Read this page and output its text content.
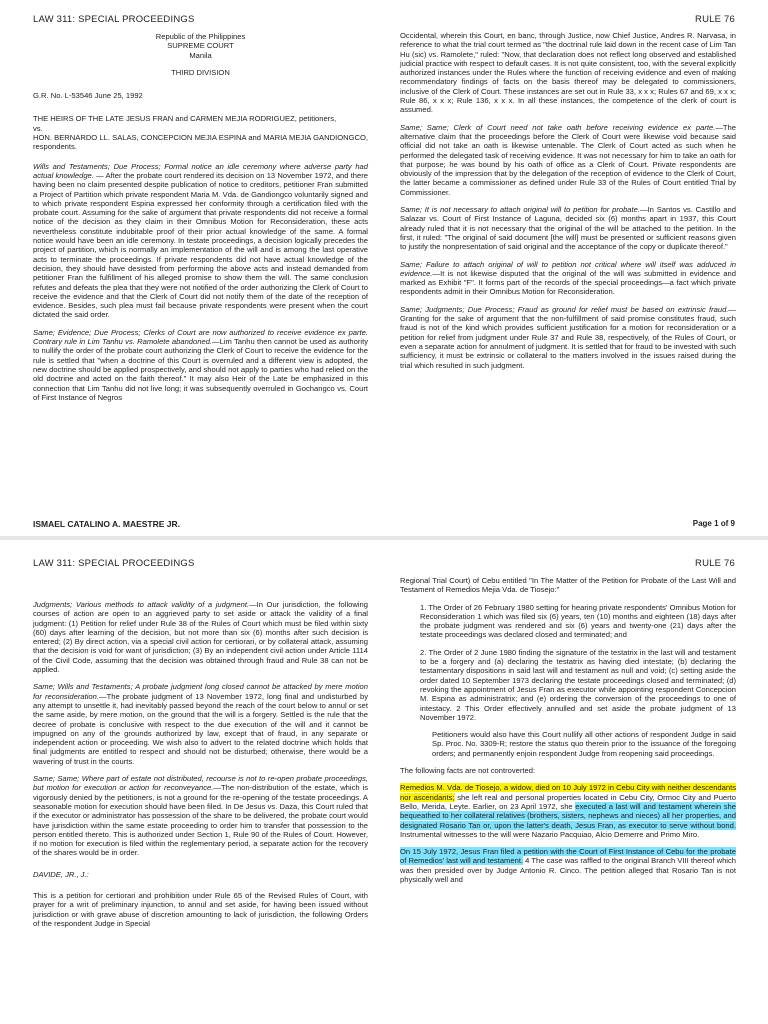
LAW 311: SPECIAL PROCEEDINGS	RULE 76
Republic of the Philippines
SUPREME COURT
Manila
THIRD DIVISION

G.R. No. L-53546 June 25, 1992

THE HEIRS OF THE LATE JESUS FRAN and CARMEN MEJIA RODRIGUEZ, petitioners,

vs.

HON. BERNARDO LL. SALAS, CONCEPCION MEJIA ESPINA and MARIA MEJIA GANDIONGCO, respondents.

Wills and Testaments; Due Process; Formal notice an idle ceremony where adverse party had actual knowledge. — After the probate court rendered its decision on 13 November 1972, and there having been no claim presented despite publication of notice to creditors, petitioner Fran submitted a Project of Partition which private respondent Maria M. Vda. de Gandiongco voluntarily signed and to which private respondent Espina expressed her conformity through a certification filed with the probate court. Assuming for the sake of argument that private respondents did not receive a formal notice of the decision as they claim in their Omnibus Motion for Reconsideration, these acts nevertheless constitute indubitable proof of their prior actual knowledge of the same. A formal notice would have been an idle ceremony. In testate proceedings, a decision logically precedes the project of partition, which is normally an implementation of the will and is among the last operative acts to terminate the proceedings. If private respondents did not have actual knowledge of the decision, they should have desisted from performing the above acts and instead demanded from petitioner Fran the fulfillment of his alleged promise to show them the will. The same conclusion refutes and defeats the plea that they were not notified of the order authorizing the Clerk of Court to receive the evidence and that the Clerk of Court did not notify them of the date of the reception of evidence. Besides, such plea must fail because private respondents were present when the court dictated the said order.

Same; Evidence; Due Process; Clerks of Court are now authorized to receive evidence ex parte. Contrary rule in Lim Tanhu vs. Ramolete abandoned.—Lim Tanhu then cannot be used as authority to nullify the order of the probate court authorizing the Clerk of Court to receive the evidence for the rule is settled that "when a doctrine of this Court is overruled and a different view is adopted, the new doctrine should be applied prospectively, and should not apply to parties who had relied on the old doctrine and acted on the faith thereof." It may also Heir of the Late be emphasized in this connection that Lim Tanhu did not live long; it was subsequently overruled in Gochangco vs. Court of First Instance of Negros

Occidental, wherein this Court, en banc, through Justice, now Chief Justice, Andres R. Narvasa, in reference to what the trial court termed as "the doctrinal rule laid down in the recent case of Lim Tan Hu (sic) vs. Ramolete," ruled: "Now, that declaration does not reflect long observed and established judicial practice with respect to default cases. It is not quite consistent, too, with the several explicitly authorized instances under the Rules where the function of receiving evidence and even of making recommendatory findings of facts on the basis thereof may be delegated to commissioners, inclusive of the Clerk of Court. These instances are set out in Rule 33, x x x; Rules 67 and 69, x x x; Rule 86, x x x; Rule 136, x x x. In all these instances, the competence of the clerk of court is assumed.

Same; Same; Clerk of Court need not take oath before receiving evidence ex parte.—The alternative claim that the proceedings before the Clerk of Court were likewise void because said official did not take an oath is likewise untenable. The Clerk of Court acted as such when he performed the delegated task of receiving evidence. It was not necessary for him to take an oath for that purpose; he was bound by his oath of office as a Clerk of Court. Private respondents are obviously of the impression that by the delegation of the reception of evidence to the Clerk of Court, the latter became a commissioner as defined under Rule 33 of the Rules of Court entitled Trial by Commissioner.

Same; It is not necessary to attach original will to petition for probate.—In Santos vs. Castillo and Salazar vs. Court of First Instance of Laguna, decided six (6) months apart in 1937, this Court already ruled that it is not necessary that the original of the will be attached to the petition. In the first, it ruled: "The original of said document [the will] must be presented or sufficient reasons given to justify the nonpresentation of said original and the acceptance of the copy or duplicate thereof."

Same; Failure to attach original of will to petition not critical where will itself was adduced in evidence.—It is not likewise disputed that the original of the will was submitted in evidence and marked as Exhibit "F". It forms part of the records of the special proceedings—a fact which private respondents admit in their Omnibus Motion for Reconsideration.

Same; Judgments; Due Process; Fraud as ground for relief must be based on extrinsic fraud.—Granting for the sake of argument that the non-fulfillment of said promise constitutes fraud, such fraud is not of the kind which provides sufficient justification for a motion for reconsideration or a petition for relief from judgment under Rule 37 and Rule 38, respectively, of the Rules of Court, or even a separate action for annulment of judgment. It is settled that for fraud to be invested with such sufficiency, it must be extrinsic or collateral to the matters involved in the issues raised during the trial which resulted in such judgment.

ISMAEL CATALINO A. MAESTRE JR.	Page 1 of 9
LAW 311: SPECIAL PROCEEDINGS	RULE 76

Judgments; Various methods to attack validity of a judgment.—In Our jurisdiction, the following courses of action are open to an aggrieved party to set aside or attack the validity of a final judgment: (1) Petition for relief under Rule 38 of the Rules of Court which must be filed within sixty (60) days after learning of the decision, but not more than six (6) months after such decision is entered; (2) By direct action, via a special civil action for certiorari, or by collateral attack, assuming that the decision is void for want of jurisdiction; (3) By an independent civil action under Article 1114 of the Civil Code, assuming that the decision was obtained through fraud and Rule 38 can not be applied.

Same; Wills and Testaments; A probate judgment long closed cannot be attacked by mere motion for reconsideration.—The probate judgment of 13 November 1972, long final and undisturbed by any attempt to unsettle it, had inevitably passed beyond the reach of the court below to annul or set the same aside, by mere motion, on the ground that the will is a forgery. Settled is the rule that the decree of probate is conclusive with respect to the due execution of the will and it cannot be impugned on any of the grounds authorized by law, except that of fraud, in any separate or independent action or proceeding. We wish also to advert to the related doctrine which holds that final judgments are entitled to respect and should not be disturbed; otherwise, there would be a wavering of trust in the courts.

Same; Same; Where part of estate not distributed, recourse is not to re-open probate proceedings, but motion for execution or action for reconveyance.—The non-distribution of the estate, which is vigorously denied by the petitioners, is not a ground for the re-opening of the testate proceedings. A seasonable motion for execution should have been filed. In De Jesus vs. Daza, this Court ruled that if the executor or administrator has possession of the share to be delivered, the probate court would have jurisdiction within the same estate proceeding to order him to transfer that possession to the person entitled thereto. This is authorized under Section 1, Rule 90 of the Rules of Court. However, if no motion for execution is filed within the reglementary period, a separate action for the recovery of the shares would be in order.

DAVIDE, JR., J.:

This is a petition for certiorari and prohibition under Rule 65 of the Revised Rules of Court, with prayer for a writ of preliminary injunction, to annul and set aside, for having been issued without jurisdiction or with grave abuse of discretion amounting to lack of jurisdiction, the following Orders of the respondent Judge in Special

Regional Trial Court) of Cebu entitled "In The Matter of the Petition for Probate of the Last Will and Testament of Remedios Mejia Vda. de Tiosejo:"

1. The Order of 26 February 1980 setting for hearing private respondents' Omnibus Motion for Reconsideration 1 which was filed six (6) years, ten (10) months and eighteen (18) days after the probate judgment was rendered and six (6) years and twenty-one (21) days after the testate proceedings was declared closed and terminated; and

2. The Order of 2 June 1980 finding the signature of the testatrix in the last will and testament to be a forgery and (a) declaring the testatrix as having died intestate; (b) declaring the testamentary dispositions in said last will and testament as null and void; (c) setting aside the order dated 10 September 1973 declaring the testate proceedings closed and terminated; (d) revoking the appointment of Jesus Fran as executor while appointing respondent Concepcion M. Espina as administratrix; and (e) ordering the conversion of the proceedings to one of intestacy. 2 This Order effectively annulled and set aside the probate judgment of 13 November 1972.

Petitioners would also have this Court nullify all other actions of respondent Judge in said Sp. Proc. No. 3309-R; restore the status quo therein prior to the issuance of the foregoing orders; and permanently enjoin respondent Judge from reopening said proceedings.

The following facts are not controverted:

Remedios M. Vda. de Tiosejo, a widow, died on 10 July 1972 in Cebu City with neither descendants nor ascendants; she left real and personal properties located in Cebu City, Ormoc City and Puerto Bello, Merida, Leyte. Earlier, on 23 April 1972, she executed a last will and testament wherein she bequeathed to her collateral relatives (brothers, sisters, nephews and nieces) all her properties, and designated Rosario Tan or, upon the latter's death, Jesus Fran, as executor to serve without bond. Instrumental witnesses to the will were Nazario Pacquiao, Alcio Demerre and Primo Miro.

On 15 July 1972, Jesus Fran filed a petition with the Court of First Instance of Cebu for the probate of Remedios' last will and testament. 4 The case was raffled to the original Branch VIII thereof which was then presided over by Judge Antonio R. Cinco. The petition alleged that Rosario Tan is not physically well and
